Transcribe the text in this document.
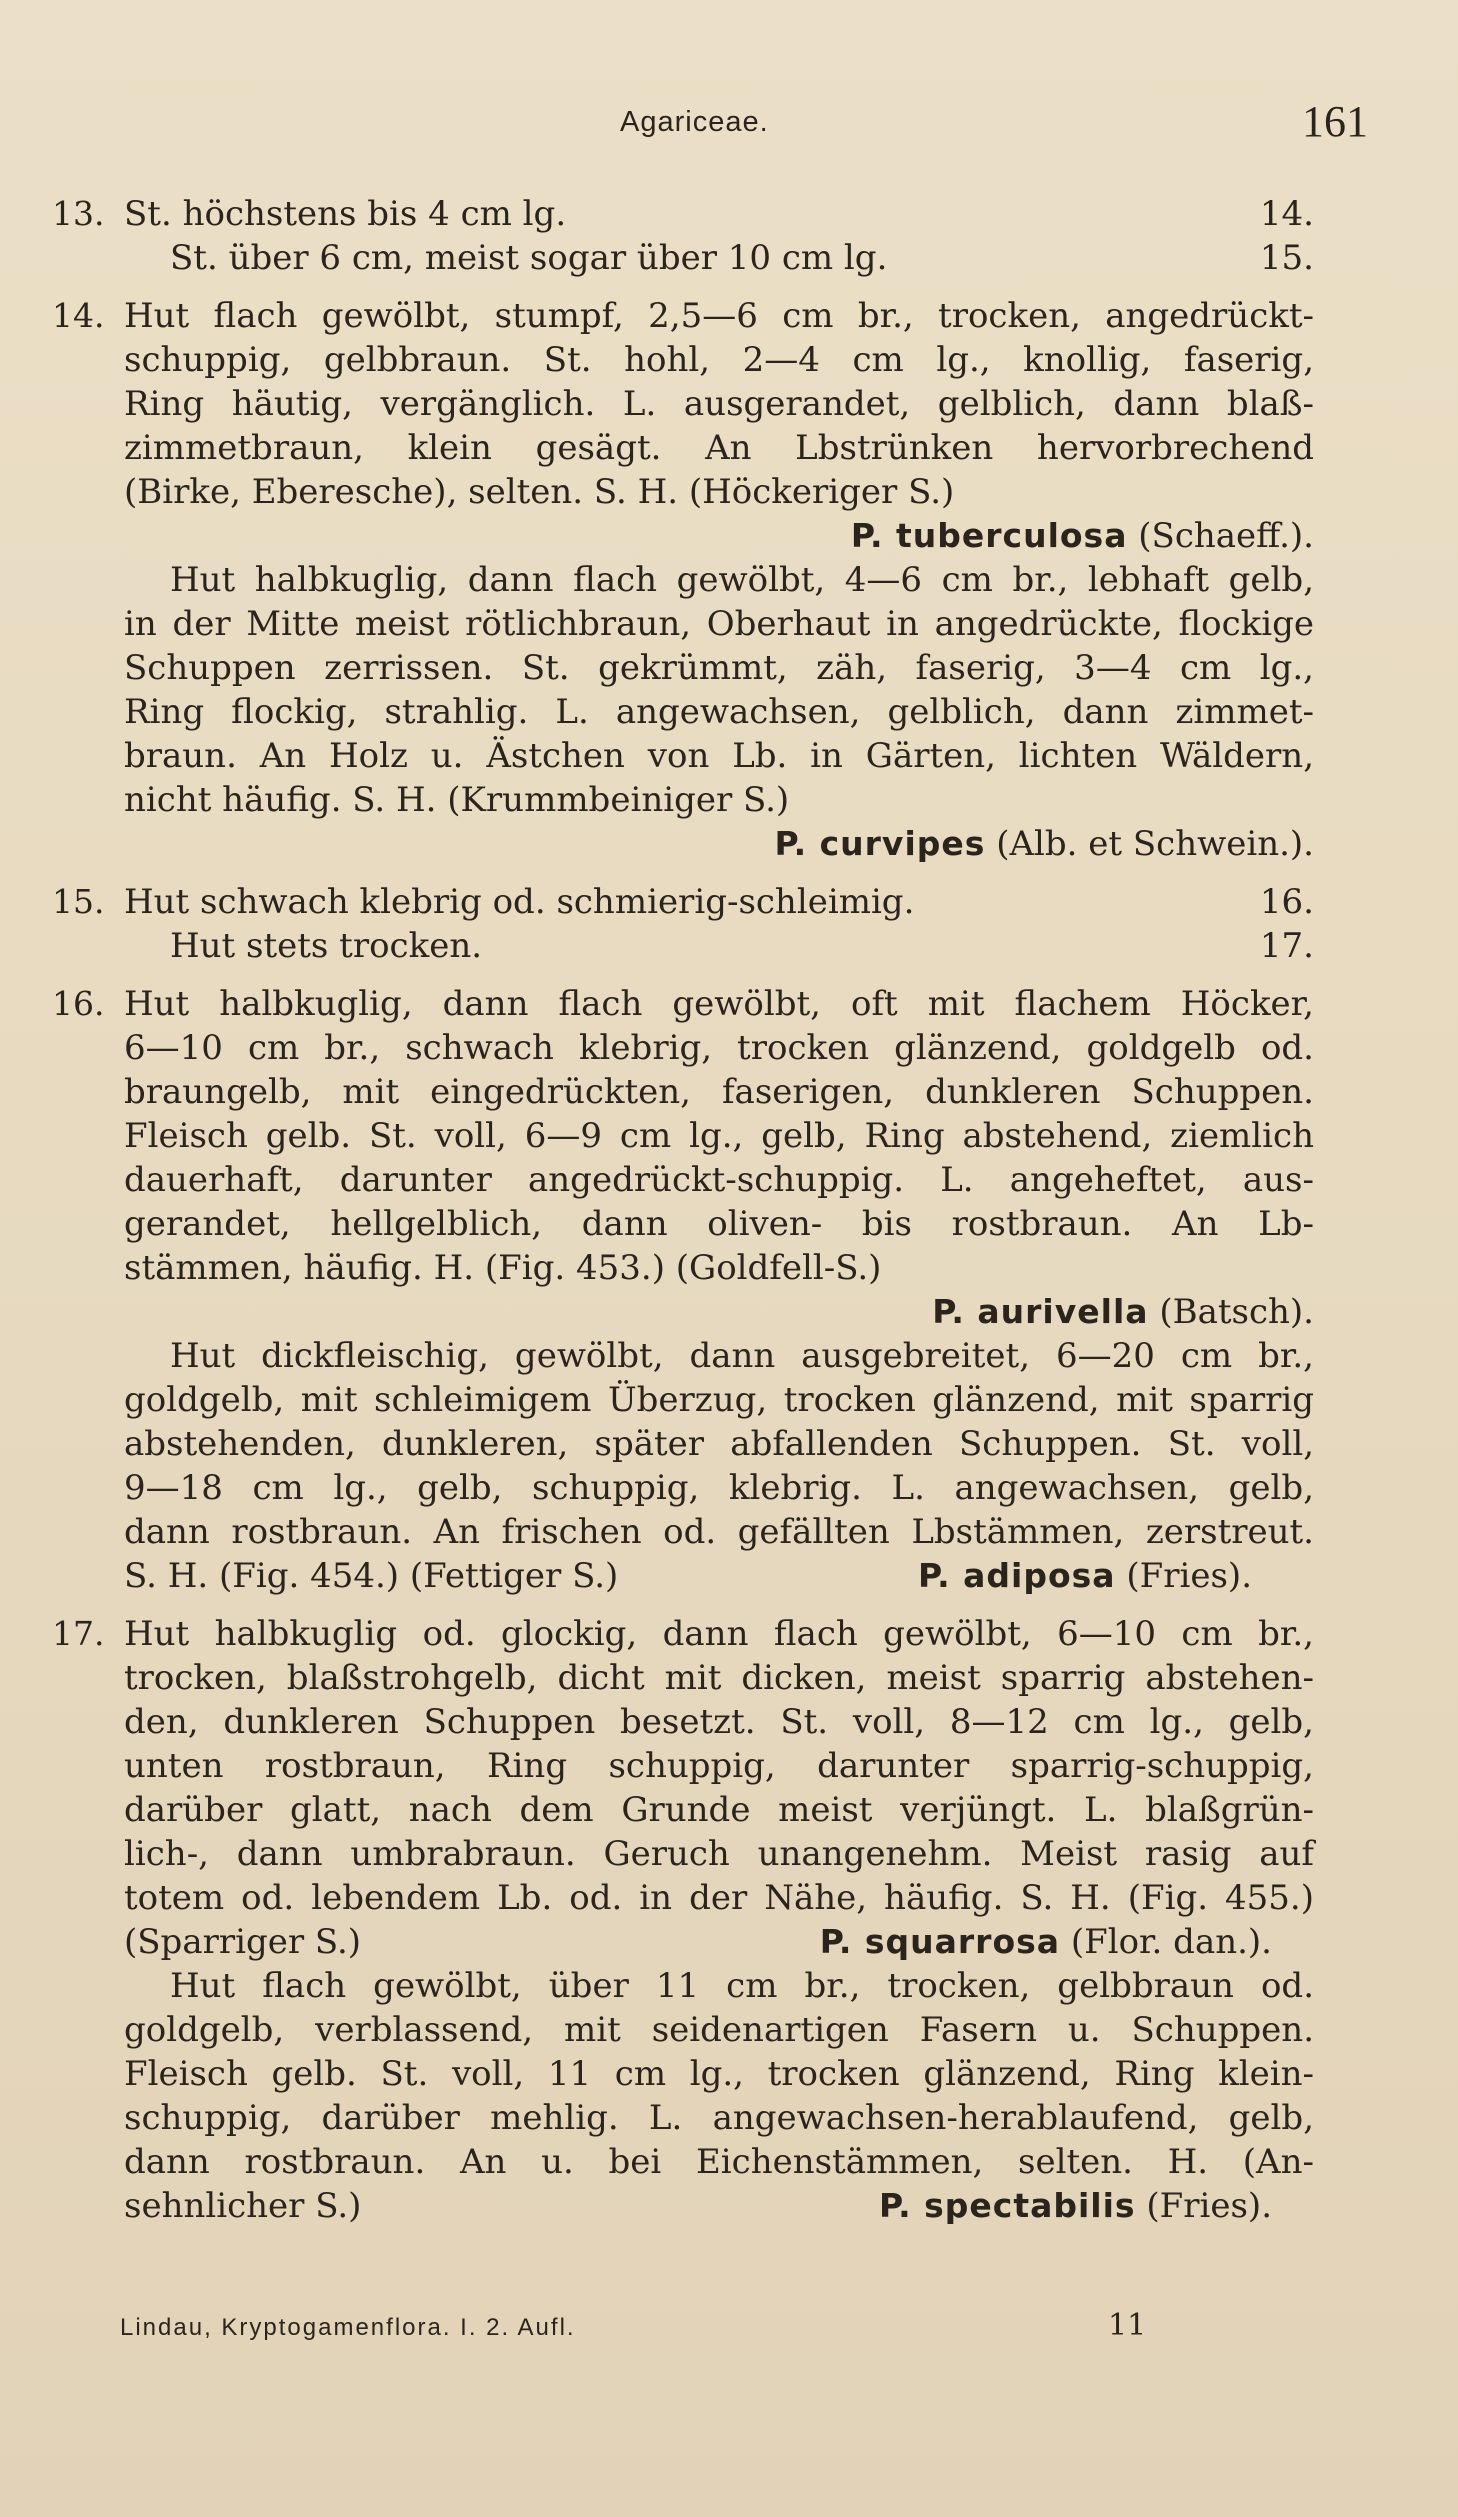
Agariceae.	161
13. St. höchstens bis 4 cm lg.	14.
St. über 6 cm, meist sogar über 10 cm lg.	15.
14. Hut flach gewölbt, stumpf, 2,5—6 cm br., trocken, angedrückt-
schuppig, gelbbraun. St. hohl, 2—4 cm lg., knollig, faserig,
Ring häutig, vergänglich. L. ausgerandet, gelblich, dann blaß-
zimmetbraun, klein gesägt. An Lbstrünken hervorbrechend
(Birke, Eberesche), selten. S. H. (Höckeriger S.)
P. tuberculosa (Schaeff.).
Hut halbkuglig, dann flach gewölbt, 4—6 cm br., lebhaft gelb,
in der Mitte meist rötlichbraun, Oberhaut in angedrückte, flockige
Schuppen zerrissen. St. gekrümmt, zäh, faserig, 3—4 cm lg.,
Ring flockig, strahlig. L. angewachsen, gelblich, dann zimmet-
braun. An Holz u. Ästchen von Lb. in Gärten, lichten Wäldern,
nicht häufig. S. H. (Krummbeiniger S.)
P. curvipes (Alb. et Schwein.).
15. Hut schwach klebrig od. schmierig-schleimig.	16.
Hut stets trocken.	17.
16. Hut halbkuglig, dann flach gewölbt, oft mit flachem Höcker,
6—10 cm br., schwach klebrig, trocken glänzend, goldgelb od.
braungelb, mit eingedrückten, faserigen, dunkleren Schuppen.
Fleisch gelb. St. voll, 6—9 cm lg., gelb, Ring abstehend, ziemlich
dauerhaft, darunter angedrückt-schuppig. L. angeheftet, aus-
gerandet, hellgelblich, dann oliven- bis rostbraun. An Lb-
stämmen, häufig. H. (Fig. 453.) (Goldfell-S.)
P. aurivella (Batsch).
Hut dickfleischig, gewölbt, dann ausgebreitet, 6—20 cm br.,
goldgelb, mit schleimigem Überzug, trocken glänzend, mit sparrig
abstehenden, dunkleren, später abfallenden Schuppen. St. voll,
9—18 cm lg., gelb, schuppig, klebrig. L. angewachsen, gelb,
dann rostbraun. An frischen od. gefällten Lbstämmen, zerstreut.
S. H. (Fig. 454.) (Fettiger S.)	P. adiposa (Fries).
17. Hut halbkuglig od. glockig, dann flach gewölbt, 6—10 cm br.,
trocken, blaßstrohgelb, dicht mit dicken, meist sparrig abstehen-
den, dunkleren Schuppen besetzt. St. voll, 8—12 cm lg., gelb,
unten rostbraun, Ring schuppig, darunter sparrig-schuppig,
darüber glatt, nach dem Grunde meist verjüngt. L. blaßgrün-
lich-, dann umbrabraun. Geruch unangenehm. Meist rasig auf
totem od. lebendem Lb. od. in der Nähe, häufig. S. H. (Fig. 455.)
(Sparriger S.)	P. squarrosa (Flor. dan.).
Hut flach gewölbt, über 11 cm br., trocken, gelbbraun od.
goldgelb, verblassend, mit seidenartigen Fasern u. Schuppen.
Fleisch gelb. St. voll, 11 cm lg., trocken glänzend, Ring klein-
schuppig, darüber mehlig. L. angewachsen-herablaufend, gelb,
dann rostbraun. An u. bei Eichenstämmen, selten. H. (An-
sehnlicher S.)	P. spectabilis (Fries).
Lindau, Kryptogamenflora. I. 2. Aufl.	11
